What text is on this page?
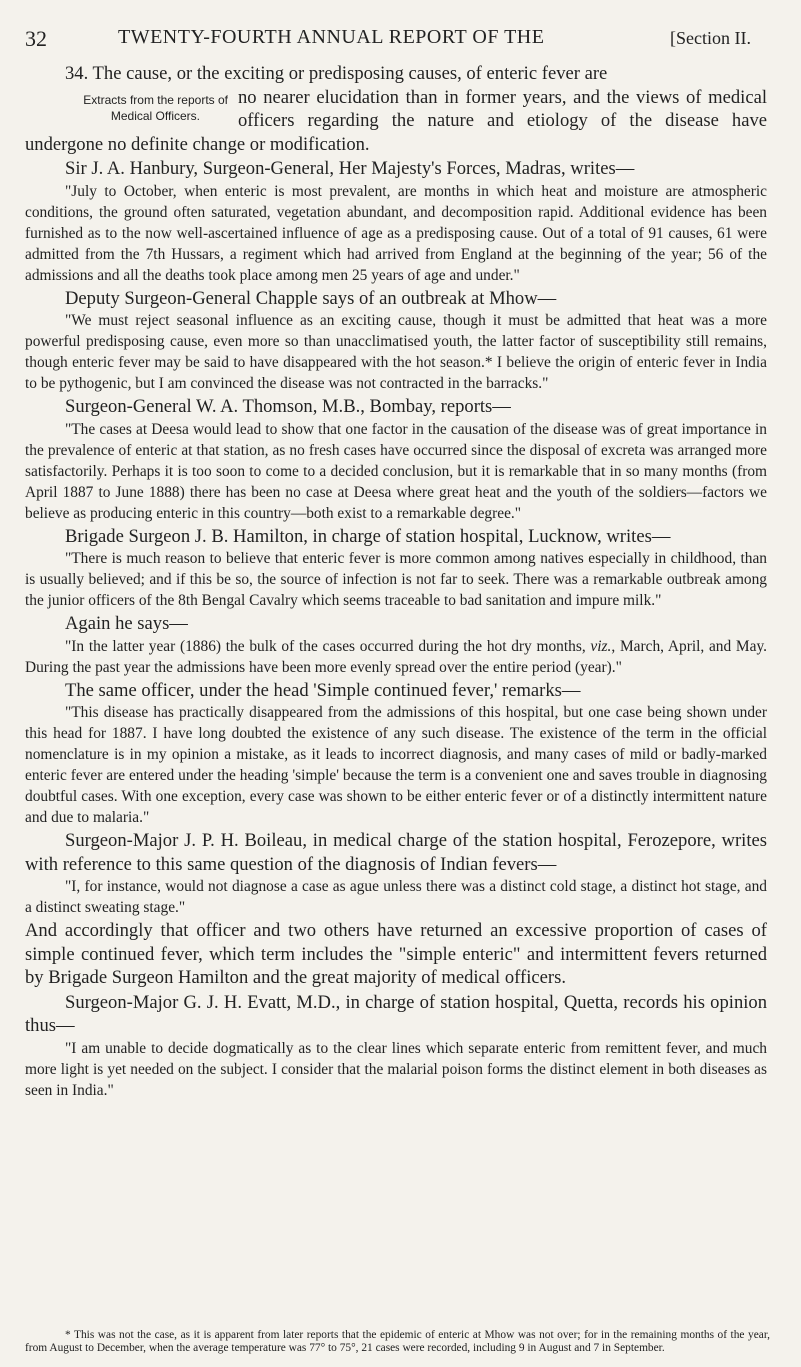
32	TWENTY-FOURTH ANNUAL REPORT OF THE	[Section II.

34. The cause, or the exciting or predisposing causes, of enteric fever are

Extracts from the reports of
Medical Officers.

no nearer elucidation than in former years, and the views of medical officers regarding the nature and etiology of the disease have undergone no definite change or modification.

Sir J. A. Hanbury, Surgeon-General, Her Majesty's Forces, Madras, writes—

"July to October, when enteric is most prevalent, are months in which heat and moisture are atmospheric conditions, the ground often saturated, vegetation abundant, and decomposition rapid. Additional evidence has been furnished as to the now well-ascertained influence of age as a predisposing cause. Out of a total of 91 causes, 61 were admitted from the 7th Hussars, a regiment which had arrived from England at the beginning of the year; 56 of the admissions and all the deaths took place among men 25 years of age and under."

Deputy Surgeon-General Chapple says of an outbreak at Mhow—

"We must reject seasonal influence as an exciting cause, though it must be admitted that heat was a more powerful predisposing cause, even more so than unacclimatised youth, the latter factor of susceptibility still remains, though enteric fever may be said to have disappeared with the hot season.* I believe the origin of enteric fever in India to be pythogenic, but I am convinced the disease was not contracted in the barracks."

Surgeon-General W. A. Thomson, M.B., Bombay, reports—

"The cases at Deesa would lead to show that one factor in the causation of the disease was of great importance in the prevalence of enteric at that station, as no fresh cases have occurred since the disposal of excreta was arranged more satisfactorily. Perhaps it is too soon to come to a decided conclusion, but it is remarkable that in so many months (from April 1887 to June 1888) there has been no case at Deesa where great heat and the youth of the soldiers—factors we believe as producing enteric in this country—both exist to a remarkable degree."

Brigade Surgeon J. B. Hamilton, in charge of station hospital, Lucknow, writes—

"There is much reason to believe that enteric fever is more common among natives especially in childhood, than is usually believed; and if this be so, the source of infection is not far to seek. There was a remarkable outbreak among the junior officers of the 8th Bengal Cavalry which seems traceable to bad sanitation and impure milk."

Again he says—

"In the latter year (1886) the bulk of the cases occurred during the hot dry months, viz., March, April, and May. During the past year the admissions have been more evenly spread over the entire period (year)."

The same officer, under the head 'Simple continued fever,' remarks—

"This disease has practically disappeared from the admissions of this hospital, but one case being shown under this head for 1887. I have long doubted the existence of any such disease. The existence of the term in the official nomenclature is in my opinion a mistake, as it leads to incorrect diagnosis, and many cases of mild or badly-marked enteric fever are entered under the heading 'simple' because the term is a convenient one and saves trouble in diagnosing doubtful cases. With one exception, every case was shown to be either enteric fever or of a distinctly intermittent nature and due to malaria."

Surgeon-Major J. P. H. Boileau, in medical charge of the station hospital, Ferozepore, writes with reference to this same question of the diagnosis of Indian fevers—

"I, for instance, would not diagnose a case as ague unless there was a distinct cold stage, a distinct hot stage, and a distinct sweating stage."

And accordingly that officer and two others have returned an excessive proportion of cases of simple continued fever, which term includes the "simple enteric" and intermittent fevers returned by Brigade Surgeon Hamilton and the great majority of medical officers.

Surgeon-Major G. J. H. Evatt, M.D., in charge of station hospital, Quetta, records his opinion thus—

"I am unable to decide dogmatically as to the clear lines which separate enteric from remittent fever, and much more light is yet needed on the subject. I consider that the malarial poison forms the distinct element in both diseases as seen in India."

* This was not the case, as it is apparent from later reports that the epidemic of enteric at Mhow was not over; for in the remaining months of the year, from August to December, when the average temperature was 77° to 75°, 21 cases were recorded, including 9 in August and 7 in September.
